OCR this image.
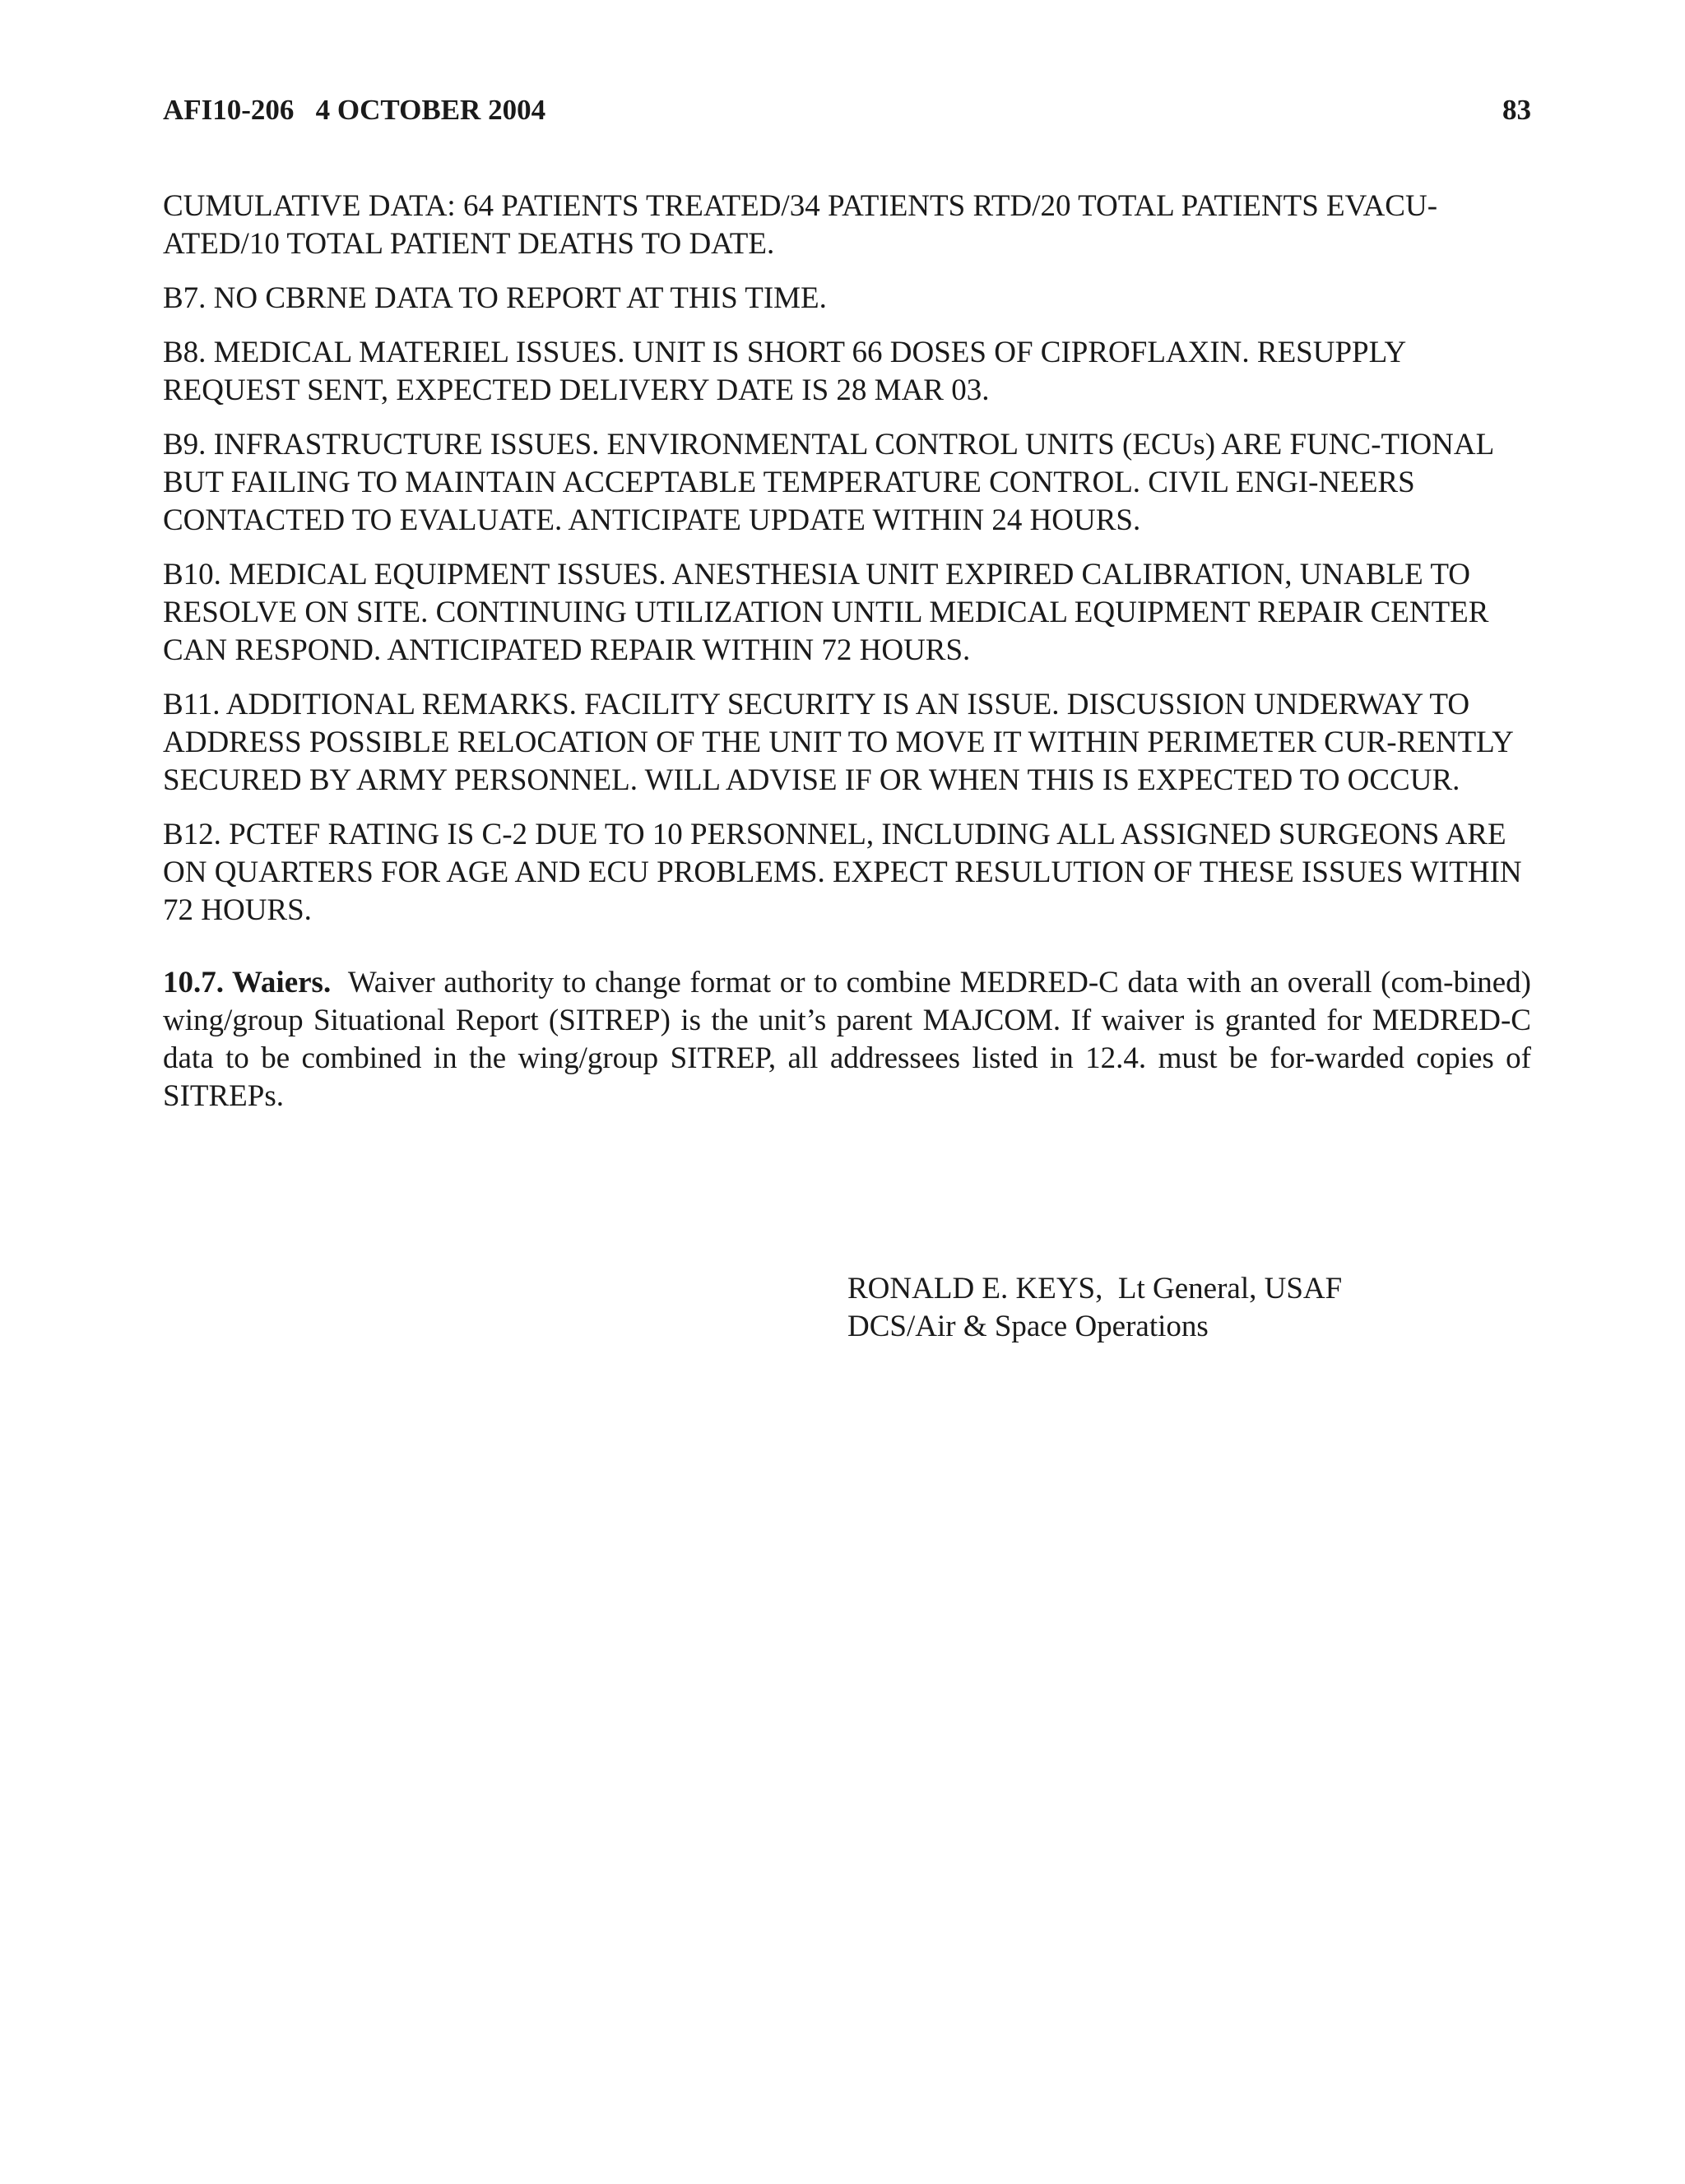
AFI10-206   4 OCTOBER 2004	83

CUMULATIVE DATA: 64 PATIENTS TREATED/34 PATIENTS RTD/20 TOTAL PATIENTS EVACU-ATED/10 TOTAL PATIENT DEATHS TO DATE.

B7. NO CBRNE DATA TO REPORT AT THIS TIME.

B8. MEDICAL MATERIEL ISSUES. UNIT IS SHORT 66 DOSES OF CIPROFLAXIN. RESUPPLY REQUEST SENT, EXPECTED DELIVERY DATE IS 28 MAR 03.

B9. INFRASTRUCTURE ISSUES. ENVIRONMENTAL CONTROL UNITS (ECUs) ARE FUNC-TIONAL BUT FAILING TO MAINTAIN ACCEPTABLE TEMPERATURE CONTROL. CIVIL ENGI-NEERS CONTACTED TO EVALUATE. ANTICIPATE UPDATE WITHIN 24 HOURS.

B10. MEDICAL EQUIPMENT ISSUES. ANESTHESIA UNIT EXPIRED CALIBRATION, UNABLE TO RESOLVE ON SITE. CONTINUING UTILIZATION UNTIL MEDICAL EQUIPMENT REPAIR CENTER CAN RESPOND. ANTICIPATED REPAIR WITHIN 72 HOURS.

B11. ADDITIONAL REMARKS. FACILITY SECURITY IS AN ISSUE. DISCUSSION UNDERWAY TO ADDRESS POSSIBLE RELOCATION OF THE UNIT TO MOVE IT WITHIN PERIMETER CUR-RENTLY SECURED BY ARMY PERSONNEL. WILL ADVISE IF OR WHEN THIS IS EXPECTED TO OCCUR.

B12. PCTEF RATING IS C-2 DUE TO 10 PERSONNEL, INCLUDING ALL ASSIGNED SURGEONS ARE ON QUARTERS FOR AGE AND ECU PROBLEMS. EXPECT RESULUTION OF THESE ISSUES WITHIN 72 HOURS.

10.7. Waiers. Waiver authority to change format or to combine MEDRED-C data with an overall (com-bined) wing/group Situational Report (SITREP) is the unit’s parent MAJCOM. If waiver is granted for MEDRED-C data to be combined in the wing/group SITREP, all addressees listed in 12.4. must be for-warded copies of SITREPs.

RONALD E. KEYS,  Lt General, USAF
DCS/Air & Space Operations
